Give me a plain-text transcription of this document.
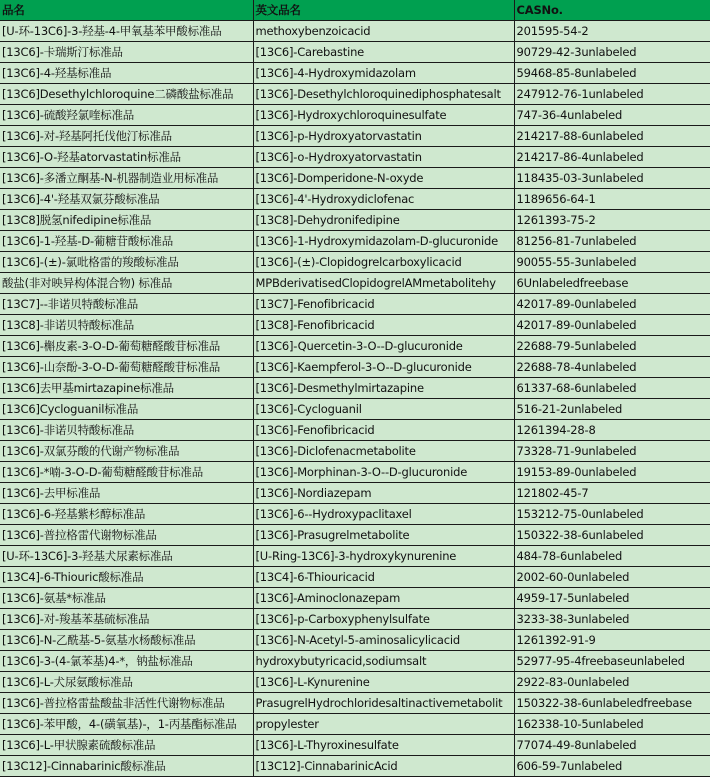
品名	英文品名	CASNo.
[U-环-13C6]-3-羟基-4-甲氧基苯甲酸标准品	methoxybenzoicacid	201595-54-2
[13C6]-卡瑞斯汀标准品	[13C6]-Carebastine	90729-42-3unlabeled
[13C6]-4-羟基标准品	[13C6]-4-Hydroxymidazolam	59468-85-8unlabeled
[13C6]Desethylchloroquine二磷酸盐标准品	[13C6]-Desethylchloroquinediphosphatesalt	247912-76-1unlabeled
[13C6]-硫酸羟氯喹标准品	[13C6]-Hydroxychloroquinesulfate	747-36-4unlabeled
[13C6]-对-羟基阿托伐他汀标准品	[13C6]-p-Hydroxyatorvastatin	214217-88-6unlabeled
[13C6]-O-羟基atorvastatin标准品	[13C6]-o-Hydroxyatorvastatin	214217-86-4unlabeled
[13C6]-多潘立酮基-N-机器制造业用标准品	[13C6]-Domperidone-N-oxyde	118435-03-3unlabeled
[13C6]-4'-羟基双氯芬酸标准品	[13C6]-4'-Hydroxydiclofenac	1189656-64-1
[13C8]脱氢nifedipine标准品	[13C8]-Dehydronifedipine	1261393-75-2
[13C6]-1-羟基-D-葡糖苷酸标准品	[13C6]-1-Hydroxymidazolam-D-glucuronide	81256-81-7unlabeled
[13C6]-(±)-氯吡格雷的羧酸标准品	[13C6]-(±)-Clopidogrelcarboxylicacid	90055-55-3unlabeled
酸盐(非对映异构体混合物) 标准品	MPBderivatisedClopidogrelAMmetabolitehy	6Unlabeledfreebase
[13C7]--非诺贝特酸标准品	[13C7]-Fenofibricacid	42017-89-0unlabeled
[13C8]-非诺贝特酸标准品	[13C8]-Fenofibricacid	42017-89-0unlabeled
[13C6]-槲皮素-3-O-D-葡萄糖醛酸苷标准品	[13C6]-Quercetin-3-O--D-glucuronide	22688-79-5unlabeled
[13C6]-山奈酚-3-O-D-葡萄糖醛酸苷标准品	[13C6]-Kaempferol-3-O--D-glucuronide	22688-78-4unlabeled
[13C6]去甲基mirtazapine标准品	[13C6]-Desmethylmirtazapine	61337-68-6unlabeled
[13C6]Cycloguanil标准品	[13C6]-Cycloguanil	516-21-2unlabeled
[13C6]-非诺贝特酸标准品	[13C6]-Fenofibricacid	1261394-28-8
[13C6]-双氯芬酸的代谢产物标准品	[13C6]-Diclofenacmetabolite	73328-71-9unlabeled
[13C6]-*喃-3-O-D-葡萄糖醛酸苷标准品	[13C6]-Morphinan-3-O--D-glucuronide	19153-89-0unlabeled
[13C6]-去甲标准品	[13C6]-Nordiazepam	121802-45-7
[13C6]-6-羟基紫杉醇标准品	[13C6]-6--Hydroxypaclitaxel	153212-75-0unlabeled
[13C6]-普拉格雷代谢物标准品	[13C6]-Prasugrelmetabolite	150322-38-6unlabeled
[U-环-13C6]-3-羟基犬尿素标准品	[U-Ring-13C6]-3-hydroxykynurenine	484-78-6unlabeled
[13C4]-6-Thiouric酸标准品	[13C4]-6-Thiouricacid	2002-60-0unlabeled
[13C6]-氨基*标准品	[13C6]-Aminoclonazepam	4959-17-5unlabeled
[13C6]-对-羧基苯基硫标准品	[13C6]-p-Carboxyphenylsulfate	3233-38-3unlabeled
[13C6]-N-乙酰基-5-氨基水杨酸标准品	[13C6]-N-Acetyl-5-aminosalicylicacid	1261392-91-9
[13C6]-3-(4-氯苯基)4-*，钠盐标准品	hydroxybutyricacid,sodiumsalt	52977-95-4freebaseunlabeled
[13C6]-L-犬尿氨酸标准品	[13C6]-L-Kynurenine	2922-83-0unlabeled
[13C6]-普拉格雷盐酸盐非活性代谢物标准品	PrasugrelHydrochloridesaltinactivemetabolit	150322-38-6unlabeledfreebase
[13C6]-苯甲酸，4-(磺氧基)-，1-丙基酯标准品	propylester	162338-10-5unlabeled
[13C6]-L-甲状腺素硫酸标准品	[13C6]-L-Thyroxinesulfate	77074-49-8unlabeled
[13C12]-Cinnabarinic酸标准品	[13C12]-CinnabarinicAcid	606-59-7unlabeled
